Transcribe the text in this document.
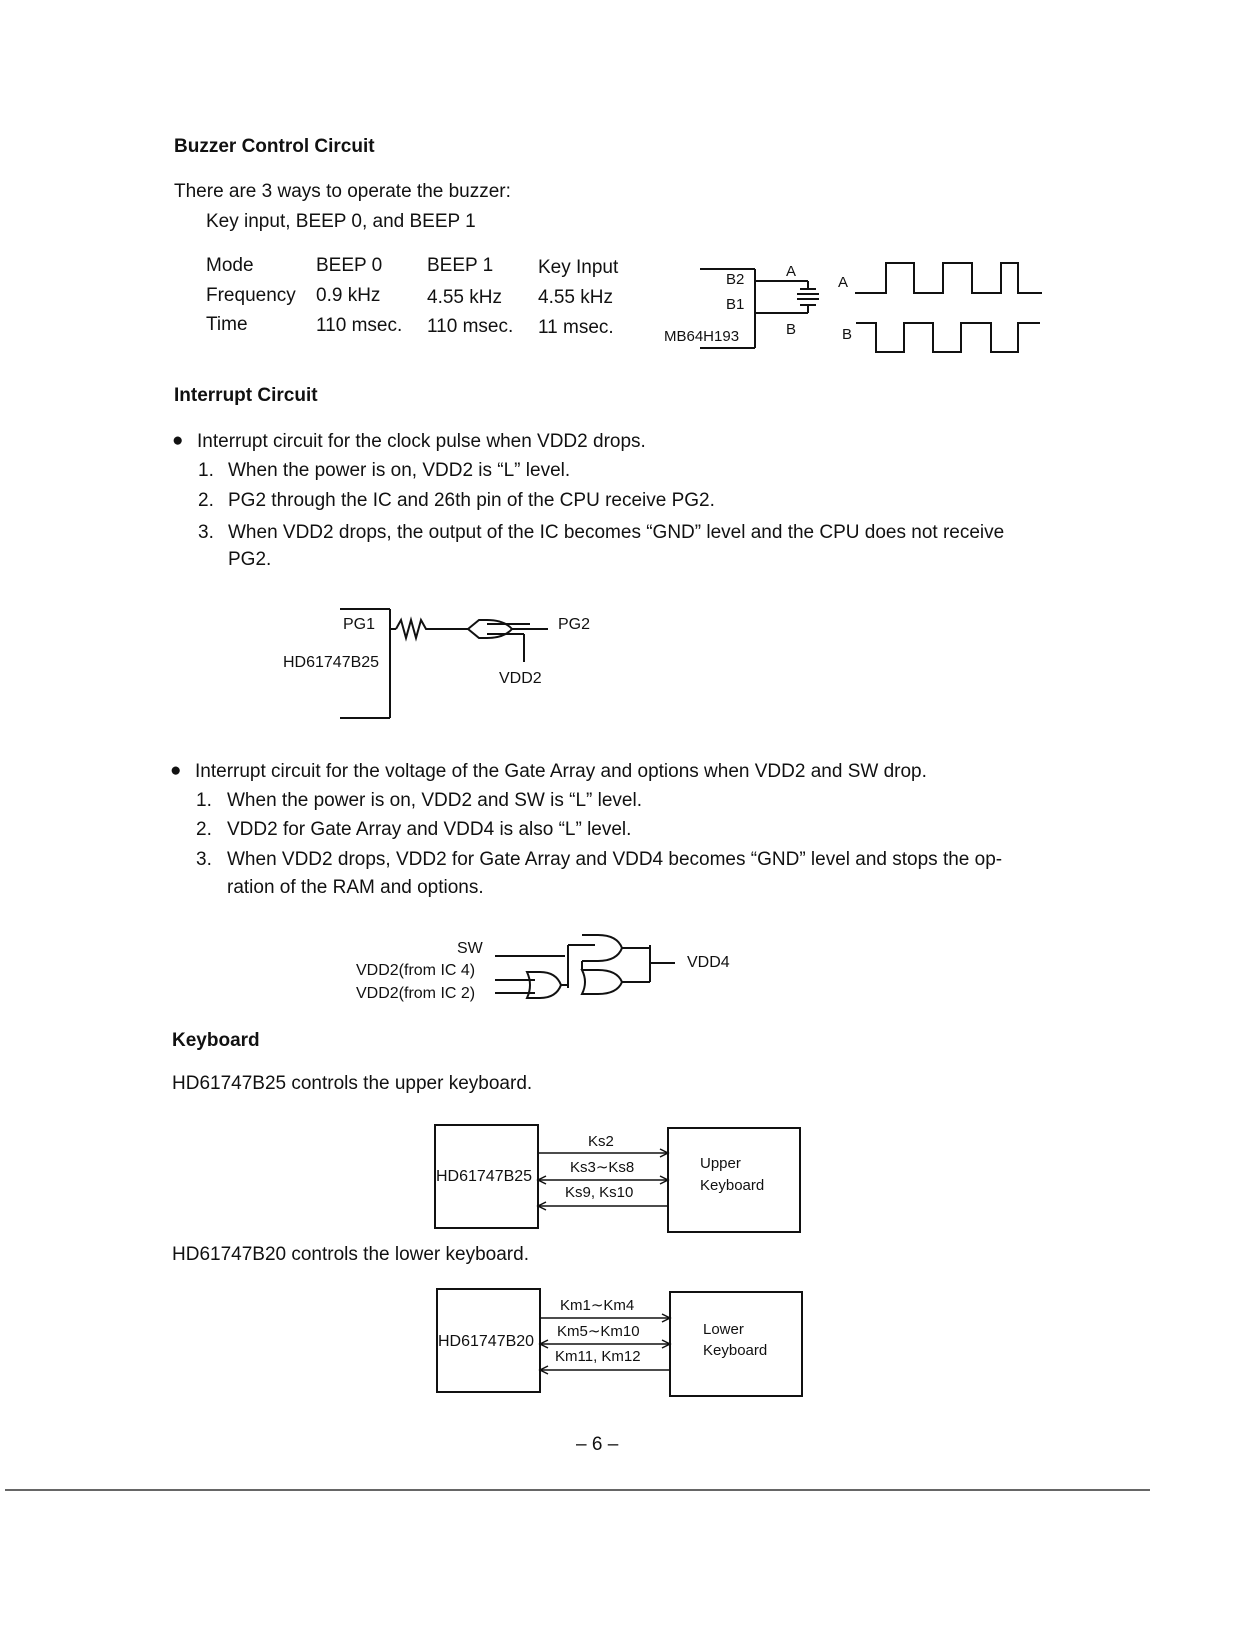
Buzzer Control Circuit
There are 3 ways to operate the buzzer:
Key input, BEEP 0, and BEEP 1
Mode	BEEP 0 BEEP 1 Key Input
Frequency 0.9 kHz 4.55 kHz 4.55 kHz
Time	110 msec. 110 msec. 11 msec.
B2
B1
MB64H193
A
B
A
B
Interrupt Circuit
● Interrupt circuit for the clock pulse when VDD2 drops.
1. When the power is on, VDD2 is “L” level.
2. PG2 through the IC and 26th pin of the CPU receive PG2.
3. When VDD2 drops, the output of the IC becomes “GND” level and the CPU does not receive
PG2.
PG1
HD61747B25
PG2
VDD2
● Interrupt circuit for the voltage of the Gate Array and options when VDD2 and SW drop.
1. When the power is on, VDD2 and SW is “L” level.
2. VDD2 for Gate Array and VDD4 is also “L” level.
3. When VDD2 drops, VDD2 for Gate Array and VDD4 becomes “GND” level and stops the op-
ration of the RAM and options.
SW
VDD2(from IC 4)
VDD2(from IC 2)
VDD4
Keyboard
HD61747B25 controls the upper keyboard.
HD61747B25
Ks2
Ks3∼Ks8
Ks9, Ks10
Upper
Keyboard
HD61747B20 controls the lower keyboard.
HD61747B20
Km1∼Km4
Km5∼Km10
Km11, Km12
Lower
Keyboard
– 6 –
